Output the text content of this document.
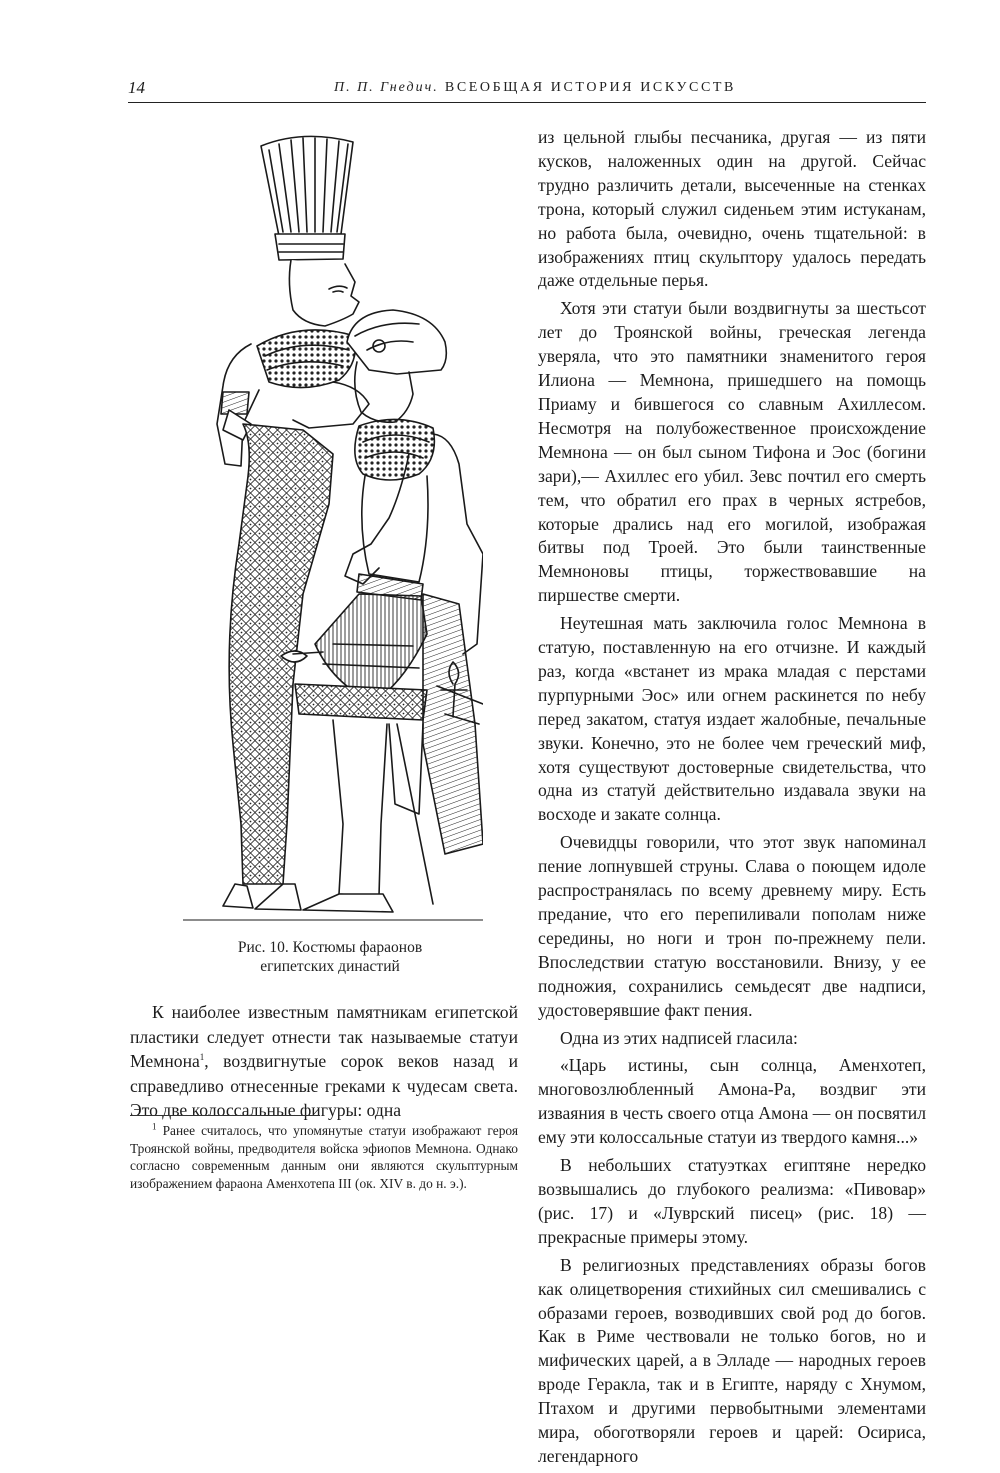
14	П. П. Гнедич. ВСЕОБЩАЯ ИСТОРИЯ ИСКУССТВ
Рис. 10. Костюмы фараонов
египетских династий

К наиболее известным памятникам египетской пластики следует отнести так называемые статуи Мемнона$^1$, воздвигнутые сорок веков назад и справедливо отнесенные греками к чудесам света. Это две колоссальные фигуры: одна

$^1$ Ранее считалось, что упомянутые статуи изображают героя Троянской войны, предводителя войска эфиопов Мемнона. Однако согласно современным данным они являются скульптурным изображением фараона Аменхотепа III (ок. XIV в. до н. э.).

из цельной глыбы песчаника, другая — из пяти кусков, наложенных один на другой. Сейчас трудно различить детали, высеченные на стенках трона, который служил сиденьем этим истуканам, но работа была, очевидно, очень тщательной: в изображениях птиц скульптору удалось передать даже отдельные перья.

Хотя эти статуи были воздвигнуты за шестьсот лет до Троянской войны, греческая легенда уверяла, что это памятники знаменитого героя Илиона — Мемнона, пришедшего на помощь Приаму и бившегося со славным Ахиллесом. Несмотря на полубожественное происхождение Мемнона — он был сыном Тифона и Эос (богини зари),— Ахиллес его убил. Зевс почтил его смерть тем, что обратил его прах в черных ястребов, которые дрались над его могилой, изображая битвы под Троей. Это были таинственные Мемноновы птицы, торжествовавшие на пиршестве смерти.

Неутешная мать заключила голос Мемнона в статую, поставленную на его отчизне. И каждый раз, когда «встанет из мрака младая с перстами пурпурными Эос» или огнем раскинется по небу перед закатом, статуя издает жалобные, печальные звуки. Конечно, это не более чем греческий миф, хотя существуют достоверные свидетельства, что одна из статуй действительно издавала звуки на восходе и закате солнца.

Очевидцы говорили, что этот звук напоминал пение лопнувшей струны. Слава о поющем идоле распространялась по всему древнему миру. Есть предание, что его перепиливали пополам ниже середины, но ноги и трон по-прежнему пели. Впоследствии статую восстановили. Внизу, у ее подножия, сохранились семьдесят две надписи, удостоверявшие факт пения.

Одна из этих надписей гласила:

«Царь истины, сын солнца, Аменхотеп, многовозлюбленный Амона-Ра, воздвиг эти изваяния в честь своего отца Амона — он посвятил ему эти колоссальные статуи из твердого камня...»

В небольших статуэтках египтяне нередко возвышались до глубокого реализма: «Пивовар» (рис. 17) и «Луврский писец» (рис. 18) — прекрасные примеры этому.

В религиозных представлениях образы богов как олицетворения стихийных сил смешивались с образами героев, возводивших свой род до богов. Как в Риме чествовали не только богов, но и мифических царей, а в Элладе — народных героев вроде Геракла, так и в Египте, наряду с Хнумом, Птахом и другими первобытными элементами мира, обоготворяли героев и царей: Осириса, легендарного
